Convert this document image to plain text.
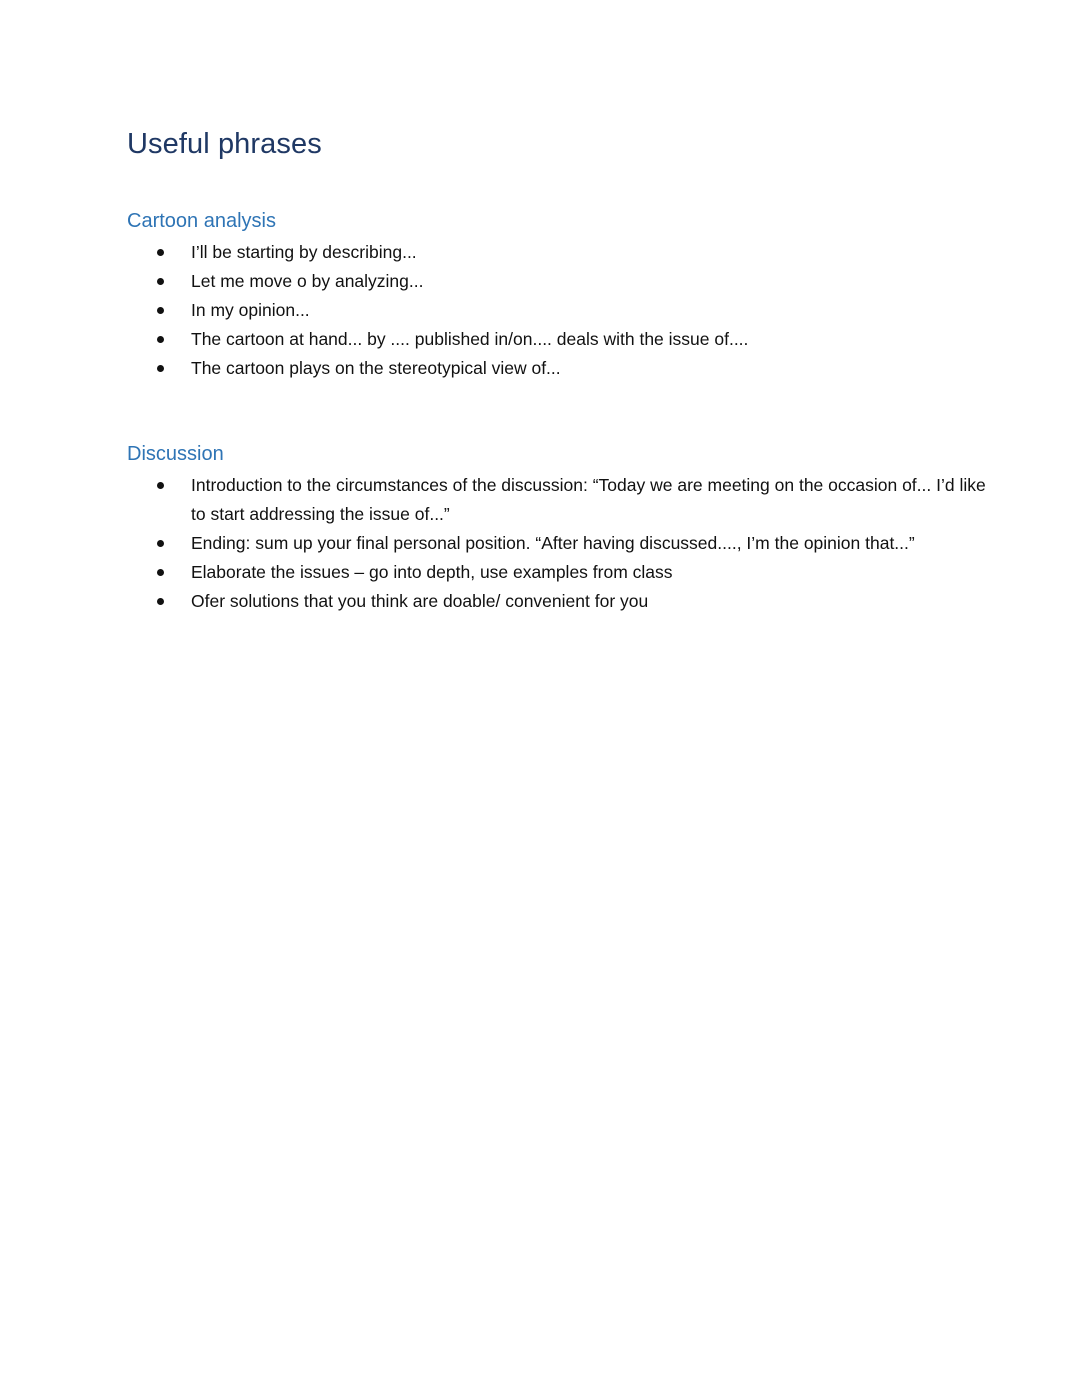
Useful phrases
Cartoon analysis
I’ll be starting by describing...
Let me move o by analyzing...
In my opinion...
The cartoon at hand... by .... published in/on.... deals with the issue of....
The cartoon plays on the stereotypical view of...
Discussion
Introduction to the circumstances of the discussion: “Today we are meeting on the occasion of... I’d like to start addressing the issue of...”
Ending: sum up your final personal position. “After having discussed...., I’m the opinion that...”
Elaborate the issues – go into depth, use examples from class
Ofer solutions that you think are doable/ convenient for you
